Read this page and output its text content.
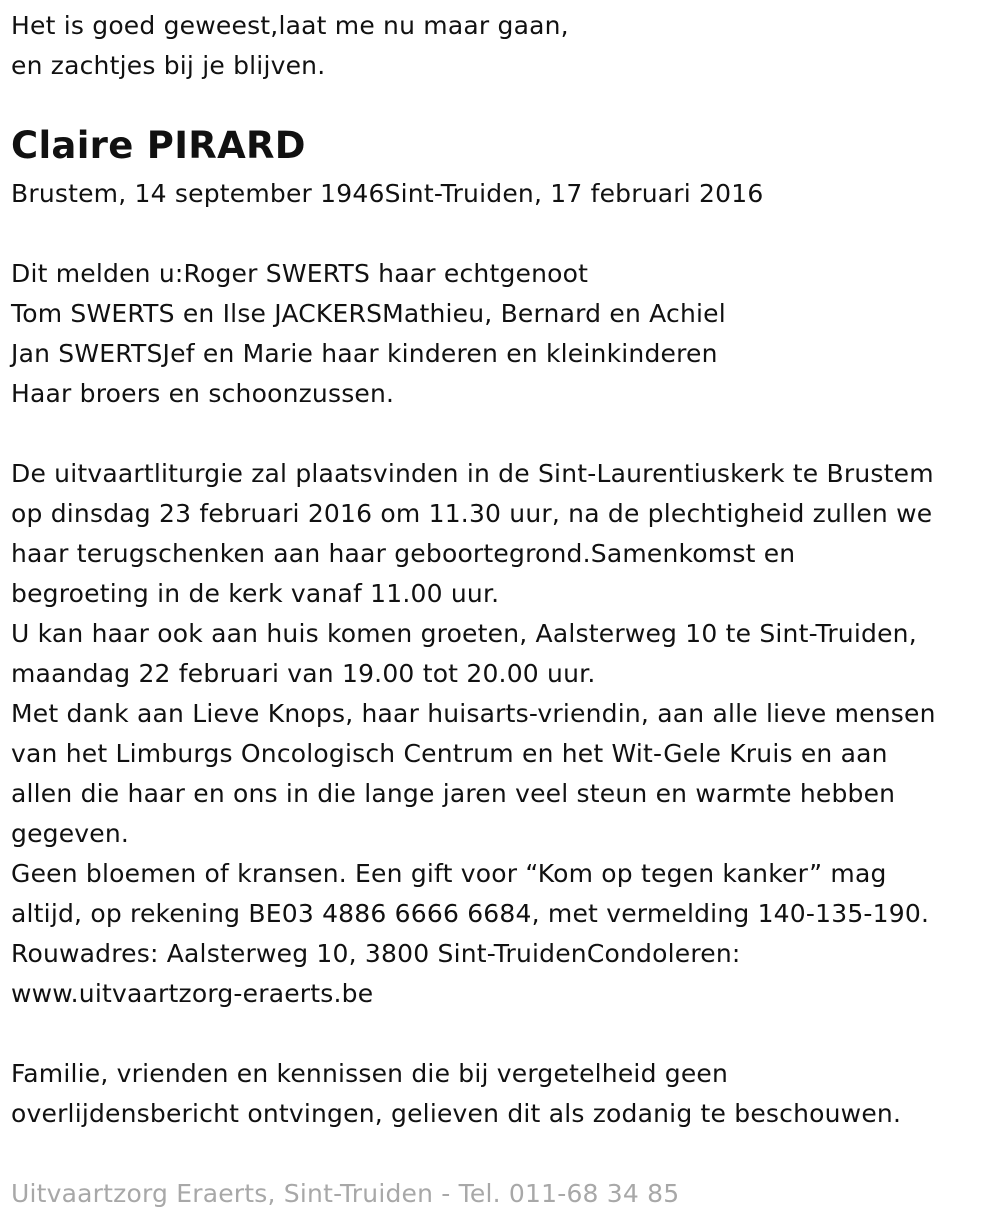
Het is goed geweest,laat me nu maar gaan,
en zachtjes bij je blijven.
Claire PIRARD
Brustem, 14 september 1946Sint-Truiden, 17 februari 2016
Dit melden u:Roger SWERTS haar echtgenoot
Tom SWERTS en Ilse JACKERSMathieu, Bernard en Achiel
Jan SWERTSJef en Marie haar kinderen en kleinkinderen
Haar broers en schoonzussen.
De uitvaartliturgie zal plaatsvinden in de Sint-Laurentiuskerk te Brustem
op dinsdag 23 februari 2016 om 11.30 uur, na de plechtigheid zullen we
haar terugschenken aan haar geboortegrond.Samenkomst en
begroeting in de kerk vanaf 11.00 uur.
U kan haar ook aan huis komen groeten, Aalsterweg 10 te Sint-Truiden,
maandag 22 februari van 19.00 tot 20.00 uur.
Met dank aan Lieve Knops, haar huisarts-vriendin, aan alle lieve mensen
van het Limburgs Oncologisch Centrum en het Wit-Gele Kruis en aan
allen die haar en ons in die lange jaren veel steun en warmte hebben
gegeven.
Geen bloemen of kransen. Een gift voor “Kom op tegen kanker” mag
altijd, op rekening BE03 4886 6666 6684, met vermelding 140-135-190.
Rouwadres: Aalsterweg 10, 3800 Sint-TruidenCondoleren:
www.uitvaartzorg-eraerts.be
Familie, vrienden en kennissen die bij vergetelheid geen
overlijdensbericht ontvingen, gelieven dit als zodanig te beschouwen.
Uitvaartzorg Eraerts, Sint-Truiden - Tel. 011-68 34 85
